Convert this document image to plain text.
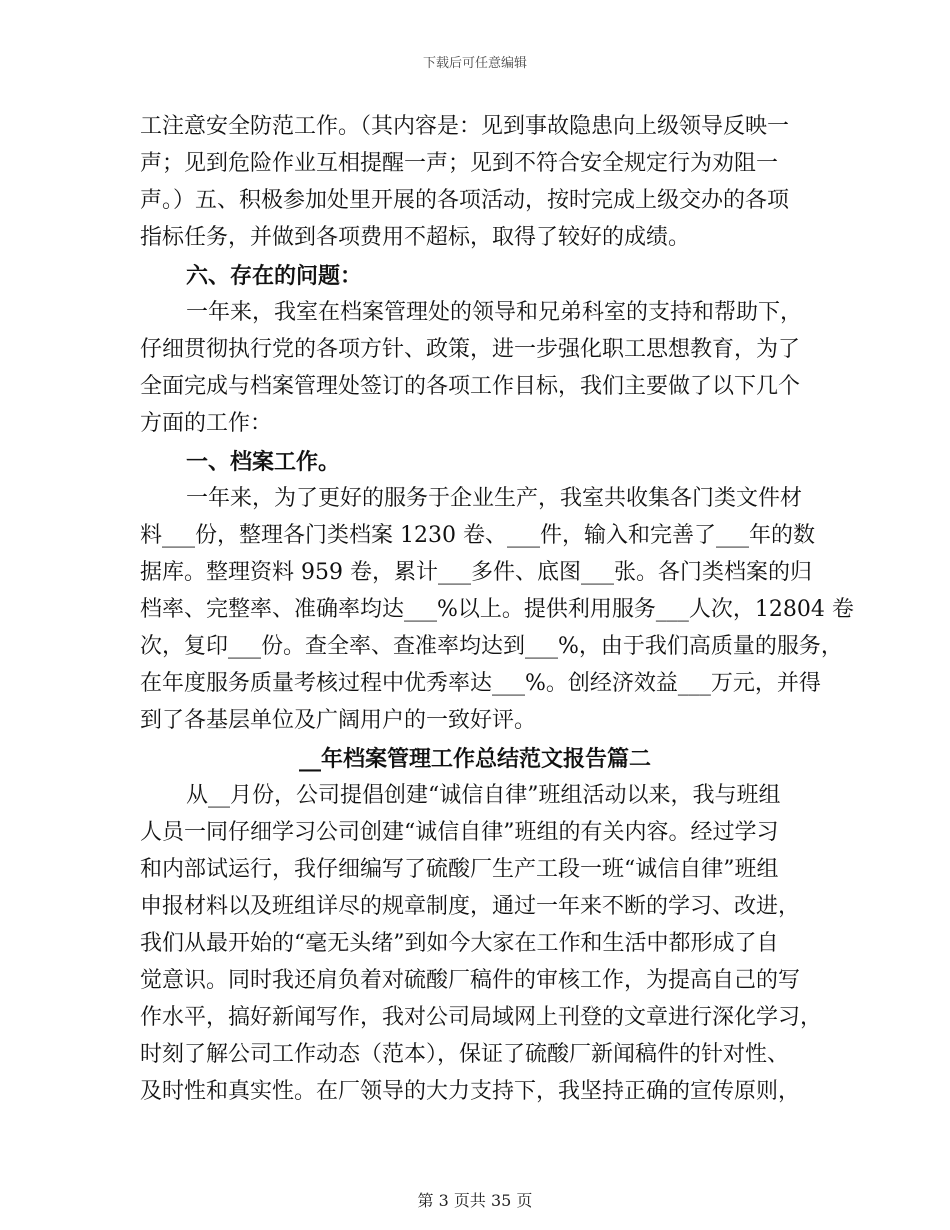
下载后可任意编辑
工注意安全防范工作。（其内容是：见到事故隐患向上级领导反映一
声；见到危险作业互相提醒一声；见到不符合安全规定行为劝阻一
声。）五、积极参加处里开展的各项活动，按时完成上级交办的各项
指标任务，并做到各项费用不超标，取得了较好的成绩。
六、存在的问题：
一年来，我室在档案管理处的领导和兄弟科室的支持和帮助下，
仔细贯彻执行党的各项方针、政策，进一步强化职工思想教育，为了
全面完成与档案管理处签订的各项工作目标，我们主要做了以下几个
方面的工作：
一、档案工作。
一年来，为了更好的服务于企业生产，我室共收集各门类文件材
料___份，整理各门类档案 1230 卷、___件，输入和完善了___年的数
据库。整理资料 959 卷，累计___多件、底图___张。各门类档案的归
档率、完整率、准确率均达___%以上。提供利用服务___人次，12804 卷
次，复印___份。查全率、查准率均达到___%，由于我们高质量的服务，
在年度服务质量考核过程中优秀率达___%。创经济效益___万元，并得
到了各基层单位及广阔用户的一致好评。
__年档案管理工作总结范文报告篇二
从__月份，公司提倡创建“诚信自律”班组活动以来，我与班组
人员一同仔细学习公司创建“诚信自律”班组的有关内容。经过学习
和内部试运行，我仔细编写了硫酸厂生产工段一班“诚信自律”班组
申报材料以及班组详尽的规章制度，通过一年来不断的学习、改进，
我们从最开始的“毫无头绪”到如今大家在工作和生活中都形成了自
觉意识。同时我还肩负着对硫酸厂稿件的审核工作，为提高自己的写
作水平，搞好新闻写作，我对公司局域网上刊登的文章进行深化学习，
时刻了解公司工作动态（范本），保证了硫酸厂新闻稿件的针对性、
及时性和真实性。在厂领导的大力支持下，我坚持正确的宣传原则，
第 3 页共 35 页
